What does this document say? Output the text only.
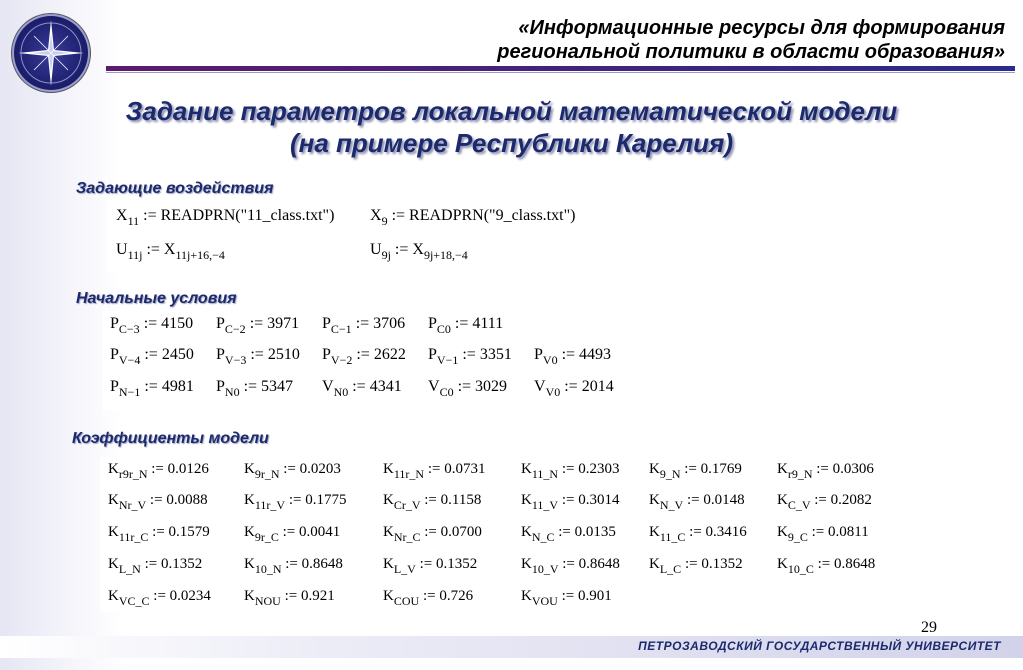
«Информационные ресурсы для формирования
региональной политики в области образования»
Задание параметров локальной математической модели
(на примере Республики Карелия)
Задающие воздействия
$X_{11}$ := READPRN("11_class.txt") $X_9$ := READPRN("9_class.txt")
$U_{11j}$ := $X_{11j+16,-4}$	$U_{9j}$ := $X_{9j+18,-4}$
Начальные условия
$P_{C-3}$ := 4150 $P_{C-2}$ := 3971 $P_{C-1}$ := 3706 $P_{C0}$ := 4111
$P_{V-4}$ := 2450 $P_{V-3}$ := 2510 $P_{V-2}$ := 2622 $P_{V-1}$ := 3351 $P_{V0}$ := 4493
$P_{N-1}$ := 4981 $P_{N0}$ := 5347 $V_{N0}$ := 4341 $V_{C0}$ := 3029 $V_{V0}$ := 2014
Коэффициенты модели
$K_{r9r\_N}$ := 0.0126 $K_{9r\_N}$ := 0.0203	$K_{11r\_N}$ := 0.0731 $K_{11\_N}$ := 0.2303 $K_{9\_N}$ := 0.1769 $K_{r9\_N}$ := 0.0306
$K_{Nr\_V}$ := 0.0088 $K_{11r\_V}$ := 0.1775 $K_{Cr\_V}$ := 0.1158	$K_{11\_V}$ := 0.3014 $K_{N\_V}$ := 0.0148 $K_{C\_V}$ := 0.2082
$K_{11r\_C}$ := 0.1579 $K_{9r\_C}$ := 0.0041	$K_{Nr\_C}$ := 0.0700	$K_{N\_C}$ := 0.0135 $K_{11\_C}$ := 0.3416 $K_{9\_C}$ := 0.0811
$K_{L\_N}$ := 0.1352	$K_{10\_N}$ := 0.8648	$K_{L\_V}$ := 0.1352	$K_{10\_V}$ := 0.8648 $K_{L\_C}$ := 0.1352 $K_{10\_C}$ := 0.8648
$K_{VC\_C}$ := 0.0234 $K_{NOU}$ := 0.921	$K_{COU}$ := 0.726	$K_{VOU}$ := 0.901
29
ПЕТРОЗАВОДСКИЙ ГОСУДАРСТВЕННЫЙ УНИВЕРСИТЕТ
